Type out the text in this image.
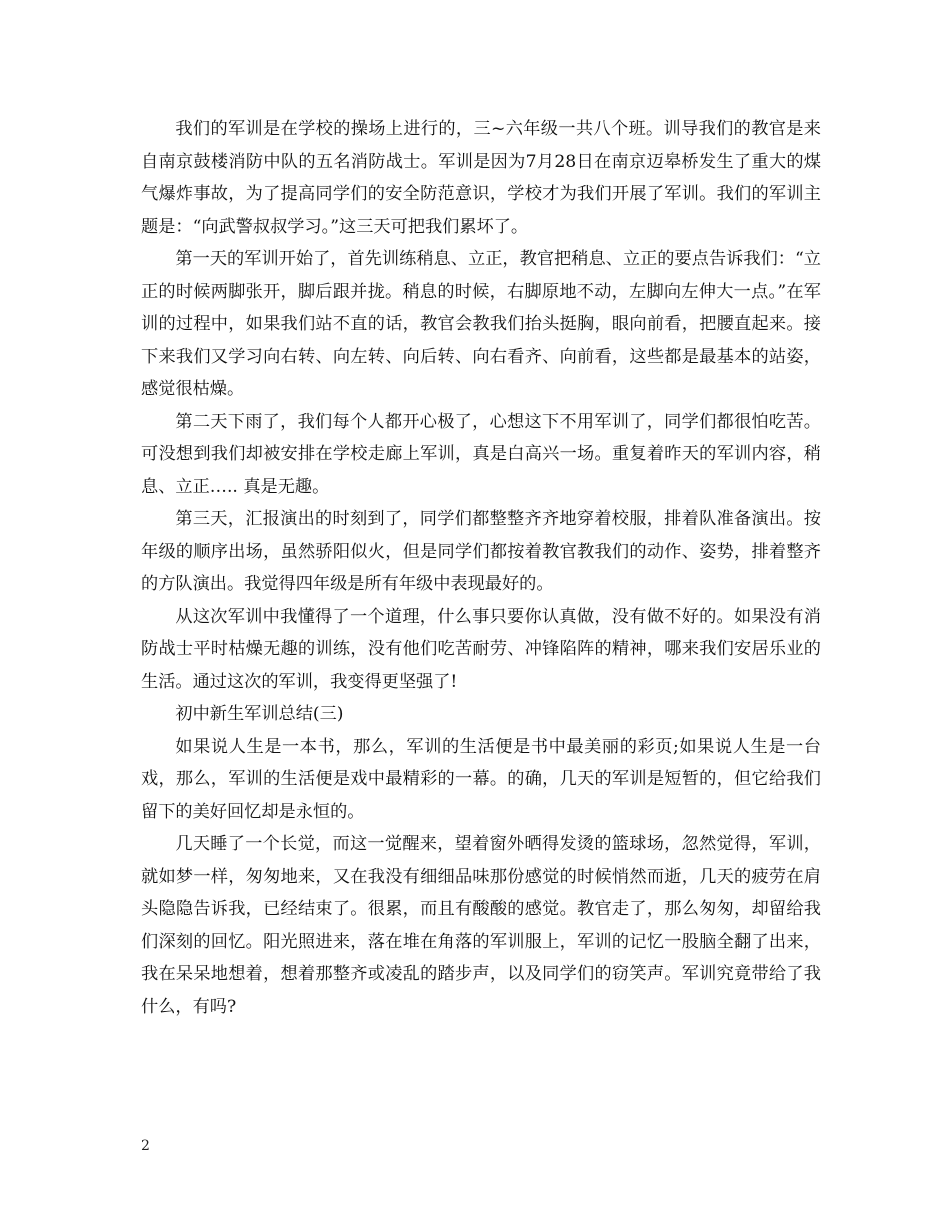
我们的军训是在学校的操场上进行的，三~六年级一共八个班。训导我们的教官是来自南京鼓楼消防中队的五名消防战士。军训是因为7月28日在南京迈皋桥发生了重大的煤气爆炸事故，为了提高同学们的安全防范意识，学校才为我们开展了军训。我们的军训主题是：“向武警叔叔学习。”这三天可把我们累坏了。

第一天的军训开始了，首先训练稍息、立正，教官把稍息、立正的要点告诉我们：“立正的时候两脚张开，脚后跟并拢。稍息的时候，右脚原地不动，左脚向左伸大一点。”在军训的过程中，如果我们站不直的话，教官会教我们抬头挺胸，眼向前看，把腰直起来。接下来我们又学习向右转、向左转、向后转、向右看齐、向前看，这些都是最基本的站姿，感觉很枯燥。

第二天下雨了，我们每个人都开心极了，心想这下不用军训了，同学们都很怕吃苦。可没想到我们却被安排在学校走廊上军训，真是白高兴一场。重复着昨天的军训内容，稍息、立正….. 真是无趣。

第三天，汇报演出的时刻到了，同学们都整整齐齐地穿着校服，排着队准备演出。按年级的顺序出场，虽然骄阳似火，但是同学们都按着教官教我们的动作、姿势，排着整齐的方队演出。我觉得四年级是所有年级中表现最好的。

从这次军训中我懂得了一个道理，什么事只要你认真做，没有做不好的。如果没有消防战士平时枯燥无趣的训练，没有他们吃苦耐劳、冲锋陷阵的精神，哪来我们安居乐业的生活。通过这次的军训，我变得更坚强了!

初中新生军训总结(三)

如果说人生是一本书，那么，军训的生活便是书中最美丽的彩页;如果说人生是一台戏，那么，军训的生活便是戏中最精彩的一幕。的确，几天的军训是短暂的，但它给我们留下的美好回忆却是永恒的。

几天睡了一个长觉，而这一觉醒来，望着窗外晒得发烫的篮球场，忽然觉得，军训，就如梦一样，匆匆地来，又在我没有细细品味那份感觉的时候悄然而逝，几天的疲劳在肩头隐隐告诉我，已经结束了。很累，而且有酸酸的感觉。教官走了，那么匆匆，却留给我们深刻的回忆。阳光照进来，落在堆在角落的军训服上，军训的记忆一股脑全翻了出来，我在呆呆地想着，想着那整齐或凌乱的踏步声，以及同学们的窃笑声。军训究竟带给了我什么，有吗?

2
